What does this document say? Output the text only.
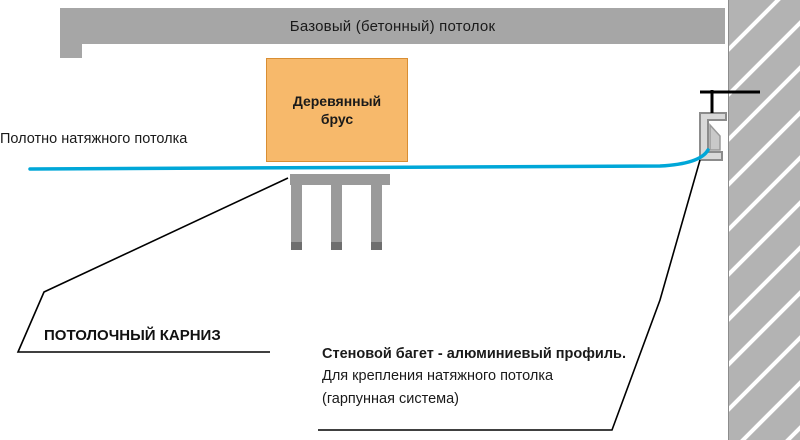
Базовый (бетонный) потолок
Деревянный
брус
Полотно натяжного потолка
ПОТОЛОЧНЫЙ КАРНИЗ
Стеновой багет - алюминиевый профиль.
Для крепления натяжного потолка
(гарпунная система)
